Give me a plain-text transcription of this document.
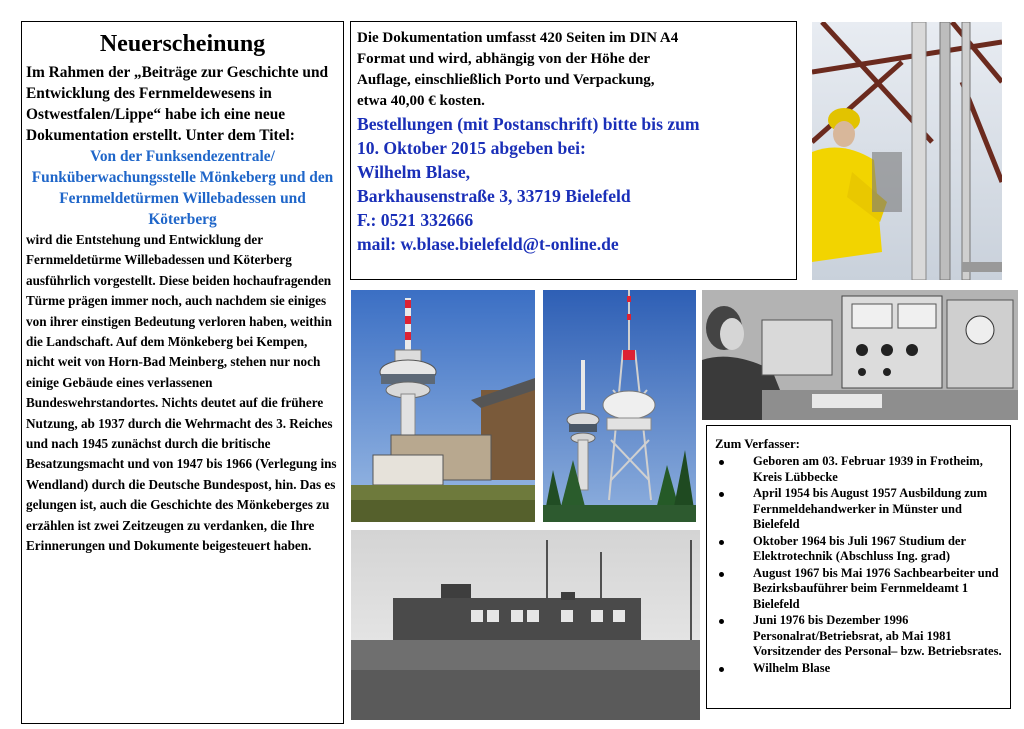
Neuerscheinung

Im Rahmen der „Beiträge zur Geschichte und Entwicklung des Fernmeldewesens in Ostwestfalen/Lippe“ habe ich eine neue Dokumentation erstellt. Unter dem Titel:

Von der Funksendezentrale/ Funküberwachungsstelle Mönkeberg und den Fernmeldetürmen Willebadessen und Köterberg

wird die Entstehung und Entwicklung der Fernmeldetürme Willebadessen und Köterberg ausführlich vorgestellt. Diese beiden hochaufragenden Türme prägen immer noch, auch nachdem sie einiges von ihrer einstigen Bedeutung verloren haben, weithin die Landschaft. Auf dem Mönkeberg bei Kempen, nicht weit von Horn-Bad Meinberg, stehen nur noch einige Gebäude eines verlassenen Bundeswehrstandortes. Nichts deutet auf die frühere Nutzung, ab 1937 durch die Wehrmacht des 3. Reiches und nach 1945 zunächst durch die britische Besatzungsmacht und von 1947 bis 1966 (Verlegung ins Wendland) durch die Deutsche Bundespost, hin. Das es gelungen ist, auch die Geschichte des Mönkeberges zu erzählen ist zwei Zeitzeugen zu verdanken, die Ihre Erinnerungen und Dokumente beigesteuert haben.

Die Dokumentation umfasst 420 Seiten im DIN A4

Format und wird, abhängig von der Höhe der

Auflage, einschließlich Porto und Verpackung,

etwa 40,00 € kosten.

Bestellungen (mit Postanschrift) bitte bis zum

10. Oktober 2015 abgeben bei:

Wilhelm Blase,

Barkhausenstraße 3, 33719 Bielefeld

F.: 0521 332666

mail: w.blase.bielefeld@t-online.de

Zum Verfasser:
Geboren am 03. Februar 1939 in Frotheim, Kreis Lübbecke
April 1954 bis August 1957 Ausbildung zum Fernmeldehandwerker in Münster und Bielefeld
Oktober 1964 bis Juli 1967 Studium der Elektrotechnik (Abschluss Ing. grad)
August 1967 bis Mai 1976 Sachbearbeiter und Bezirksbauführer beim Fernmeldeamt 1 Bielefeld
Juni 1976 bis Dezember 1996 Personalrat/Betriebsrat, ab Mai 1981 Vorsitzender des Personal– bzw. Betriebsrates.
Wilhelm Blase
